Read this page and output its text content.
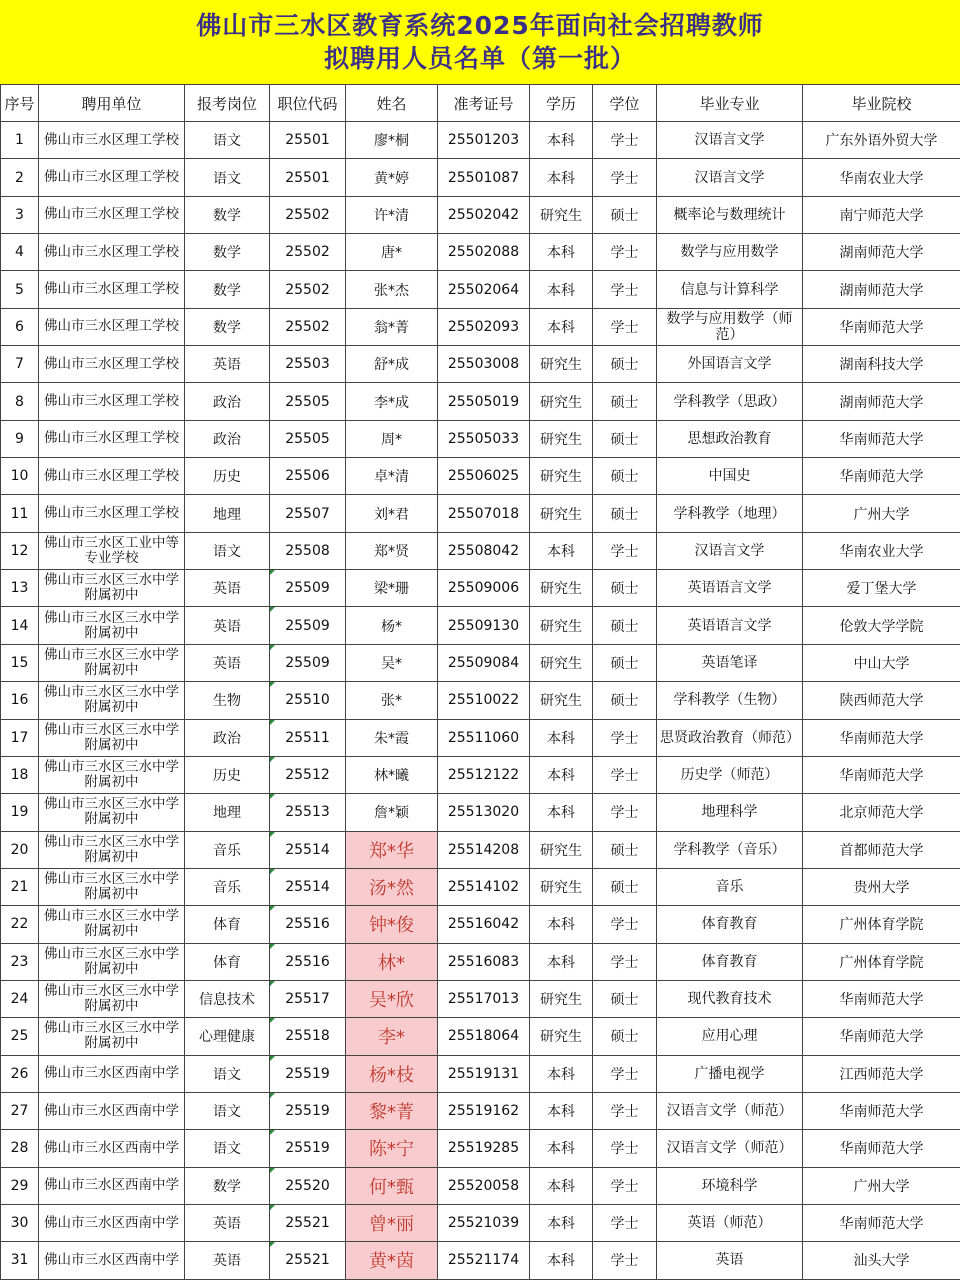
佛山市三水区教育系统2025年面向社会招聘教师
拟聘用人员名单（第一批）
序号	聘用单位	报考岗位	职位代码	姓名	准考证号	学历	学位	毕业专业	毕业院校
1	佛山市三水区理工学校	语文	25501	廖*桐	25501203	本科	学士	汉语言文学	广东外语外贸大学
2	佛山市三水区理工学校	语文	25501	黄*婷	25501087	本科	学士	汉语言文学	华南农业大学
3	佛山市三水区理工学校	数学	25502	许*清	25502042	研究生	硕士	概率论与数理统计	南宁师范大学
4	佛山市三水区理工学校	数学	25502	唐*	25502088	本科	学士	数学与应用数学	湖南师范大学
5	佛山市三水区理工学校	数学	25502	张*杰	25502064	本科	学士	信息与计算科学	湖南师范大学
6	佛山市三水区理工学校	数学	25502	翁*菁	25502093	本科	学士	数学与应用数学（师范）	华南师范大学
7	佛山市三水区理工学校	英语	25503	舒*成	25503008	研究生	硕士	外国语言文学	湖南科技大学
8	佛山市三水区理工学校	政治	25505	李*成	25505019	研究生	硕士	学科教学（思政）	湖南师范大学
9	佛山市三水区理工学校	政治	25505	周*	25505033	研究生	硕士	思想政治教育	华南师范大学
10	佛山市三水区理工学校	历史	25506	卓*清	25506025	研究生	硕士	中国史	华南师范大学
11	佛山市三水区理工学校	地理	25507	刘*君	25507018	研究生	硕士	学科教学（地理）	广州大学
12	佛山市三水区工业中等专业学校	语文	25508	郑*贤	25508042	本科	学士	汉语言文学	华南农业大学
13	佛山市三水区三水中学附属初中	英语	25509	梁*珊	25509006	研究生	硕士	英语语言文学	爱丁堡大学
14	佛山市三水区三水中学附属初中	英语	25509	杨*	25509130	研究生	硕士	英语语言文学	伦敦大学学院
15	佛山市三水区三水中学附属初中	英语	25509	吴*	25509084	研究生	硕士	英语笔译	中山大学
16	佛山市三水区三水中学附属初中	生物	25510	张*	25510022	研究生	硕士	学科教学（生物）	陕西师范大学
17	佛山市三水区三水中学附属初中	政治	25511	朱*霞	25511060	本科	学士	思贤政治教育（师范）	华南师范大学
18	佛山市三水区三水中学附属初中	历史	25512	林*曦	25512122	本科	学士	历史学（师范）	华南师范大学
19	佛山市三水区三水中学附属初中	地理	25513	詹*颖	25513020	本科	学士	地理科学	北京师范大学
20	佛山市三水区三水中学附属初中	音乐	25514	郑*华	25514208	研究生	硕士	学科教学（音乐）	首都师范大学
21	佛山市三水区三水中学附属初中	音乐	25514	汤*然	25514102	研究生	硕士	音乐	贵州大学
22	佛山市三水区三水中学附属初中	体育	25516	钟*俊	25516042	本科	学士	体育教育	广州体育学院
23	佛山市三水区三水中学附属初中	体育	25516	林*	25516083	本科	学士	体育教育	广州体育学院
24	佛山市三水区三水中学附属初中	信息技术	25517	吴*欣	25517013	研究生	硕士	现代教育技术	华南师范大学
25	佛山市三水区三水中学附属初中	心理健康	25518	李*	25518064	研究生	硕士	应用心理	华南师范大学
26	佛山市三水区西南中学	语文	25519	杨*枝	25519131	本科	学士	广播电视学	江西师范大学
27	佛山市三水区西南中学	语文	25519	黎*菁	25519162	本科	学士	汉语言文学（师范）	华南师范大学
28	佛山市三水区西南中学	语文	25519	陈*宁	25519285	本科	学士	汉语言文学（师范）	华南师范大学
29	佛山市三水区西南中学	数学	25520	何*甄	25520058	本科	学士	环境科学	广州大学
30	佛山市三水区西南中学	英语	25521	曾*丽	25521039	本科	学士	英语（师范）	华南师范大学
31	佛山市三水区西南中学	英语	25521	黄*茵	25521174	本科	学士	英语	汕头大学
